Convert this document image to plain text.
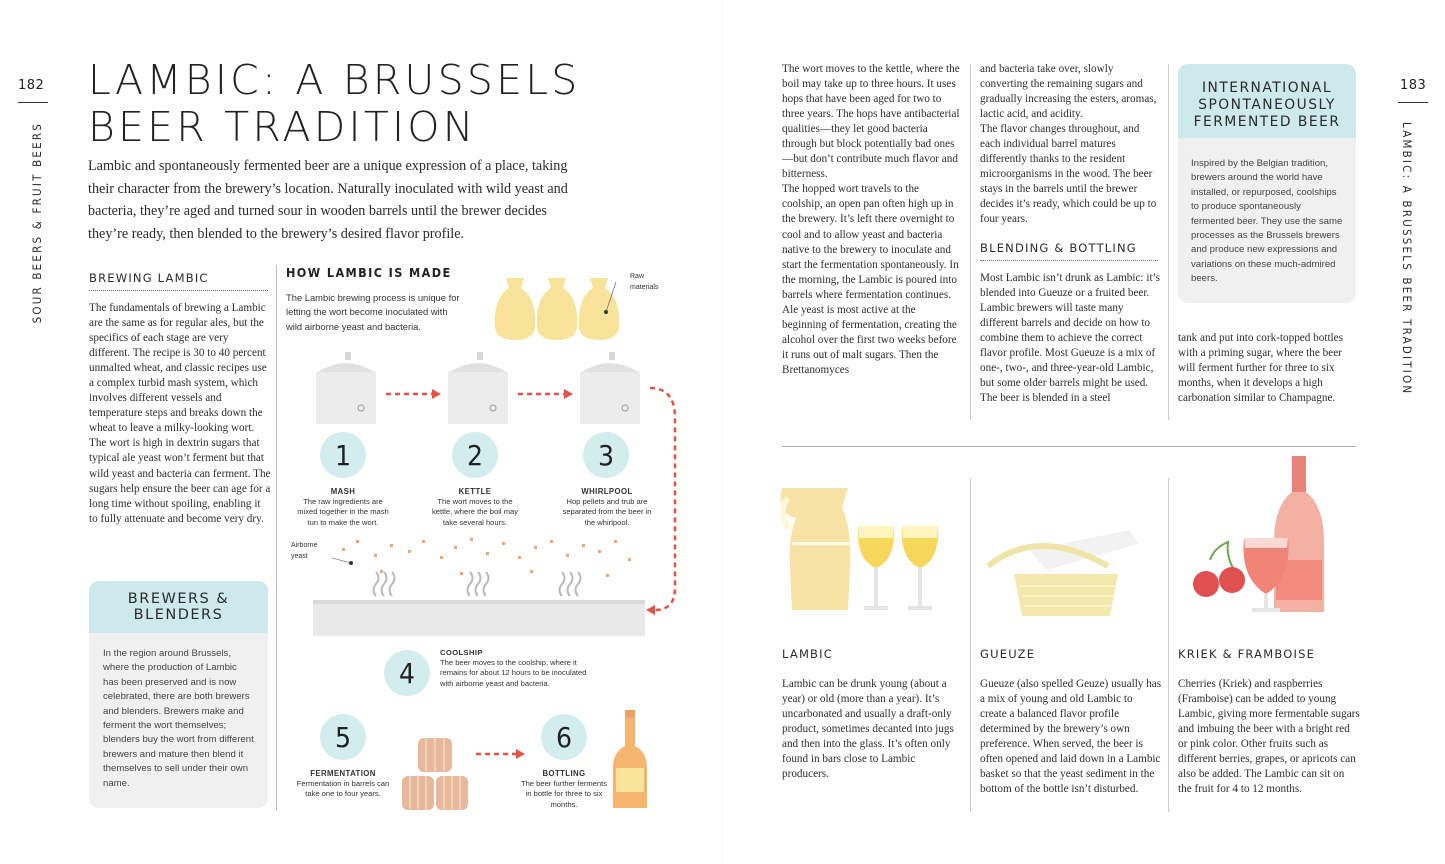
182
SOUR BEERS & FRUIT BEERS
LAMBIC: A BRUSSELS
BEER TRADITION
Lambic and spontaneously fermented beer are a unique expression of a place, taking their character from the brewery’s location. Naturally inoculated with wild yeast and bacteria, they’re aged and turned sour in wooden barrels until the brewer decides they’re ready, then blended to the brewery’s desired flavor profile.
BREWING LAMBIC
The fundamentals of brewing a Lambic are the same as for regular ales, but the specifics of each stage are very different. The recipe is 30 to 40 percent unmalted wheat, and classic recipes use a complex turbid mash system, which involves different vessels and temperature steps and breaks down the wheat to leave a milky-looking wort. The wort is high in dextrin sugars that typical ale yeast won’t ferment but that wild yeast and bacteria can ferment. The sugars help ensure the beer can age for a long time without spoiling, enabling it to fully attenuate and become very dry.
BREWERS &
BLENDERS
In the region around Brussels, where the production of Lambic has been preserved and is now celebrated, there are both brewers and blenders. Brewers make and ferment the wort themselves; blenders buy the wort from different brewers and mature then blend it themselves to sell under their own name.
HOW LAMBIC IS MADE
The Lambic brewing process is unique for letting the wort become inoculated with wild airborne yeast and bacteria.
Raw materials
1	2	3
MASH
The raw ingredients are mixed together in the mash tun to make the wort.
KETTLE
The wort moves to the kettle, where the boil may take several hours.
WHIRLPOOL
Hop pellets and trub are separated from the beer in the whirlpool.
Airborne yeast
4
COOLSHIP
The beer moves to the coolship, where it remains for about 12 hours to be inoculated with airborne yeast and bacteria.
5
FERMENTATION
Fermentation in barrels can take one to four years.
6
BOTTLING
The beer further ferments in bottle for three to six months.
183
LAMBIC: A BRUSSELS BEER TRADITION
The wort moves to the kettle, where the boil may take up to three hours. It uses hops that have been aged for two to three years. The hops have antibacterial qualities—they let good bacteria through but block potentially bad ones—but don’t contribute much flavor and bitterness.
The hopped wort travels to the coolship, an open pan often high up in the brewery. It’s left there overnight to cool and to allow yeast and bacteria native to the brewery to inoculate and start the fermentation spontaneously. In the morning, the Lambic is poured into barrels where fermentation continues.
Ale yeast is most active at the beginning of fermentation, creating the alcohol over the first two weeks before it runs out of malt sugars. Then the Brettanomyces
and bacteria take over, slowly converting the remaining sugars and gradually increasing the esters, aromas, lactic acid, and acidity.
The flavor changes throughout, and each individual barrel matures differently thanks to the resident microorganisms in the wood. The beer stays in the barrels until the brewer decides it’s ready, which could be up to four years.
BLENDING & BOTTLING
Most Lambic isn’t drunk as Lambic: it’s blended into Gueuze or a fruited beer. Lambic brewers will taste many different barrels and decide on how to combine them to achieve the correct flavor profile. Most Gueuze is a mix of one-, two-, and three-year-old Lambic, but some older barrels might be used. The beer is blended in a steel
INTERNATIONAL
SPONTANEOUSLY
FERMENTED BEER
Inspired by the Belgian tradition, brewers around the world have installed, or repurposed, coolships to produce spontaneously fermented beer. They use the same processes as the Brussels brewers and produce new expressions and variations on these much-admired beers.
tank and put into cork-topped bottles with a priming sugar, where the beer will ferment further for three to six months, when it develops a high carbonation similar to Champagne.
LAMBIC
Lambic can be drunk young (about a year) or old (more than a year). It’s uncarbonated and usually a draft-only product, sometimes decanted into jugs and then into the glass. It’s often only found in bars close to Lambic producers.
GUEUZE
Gueuze (also spelled Geuze) usually has a mix of young and old Lambic to create a balanced flavor profile determined by the brewery’s own preference. When served, the beer is often opened and laid down in a Lambic basket so that the yeast sediment in the bottom of the bottle isn’t disturbed.
KRIEK & FRAMBOISE
Cherries (Kriek) and raspberries (Framboise) can be added to young Lambic, giving more fermentable sugars and imbuing the beer with a bright red or pink color. Other fruits such as different berries, grapes, or apricots can also be added. The Lambic can sit on the fruit for 4 to 12 months.
